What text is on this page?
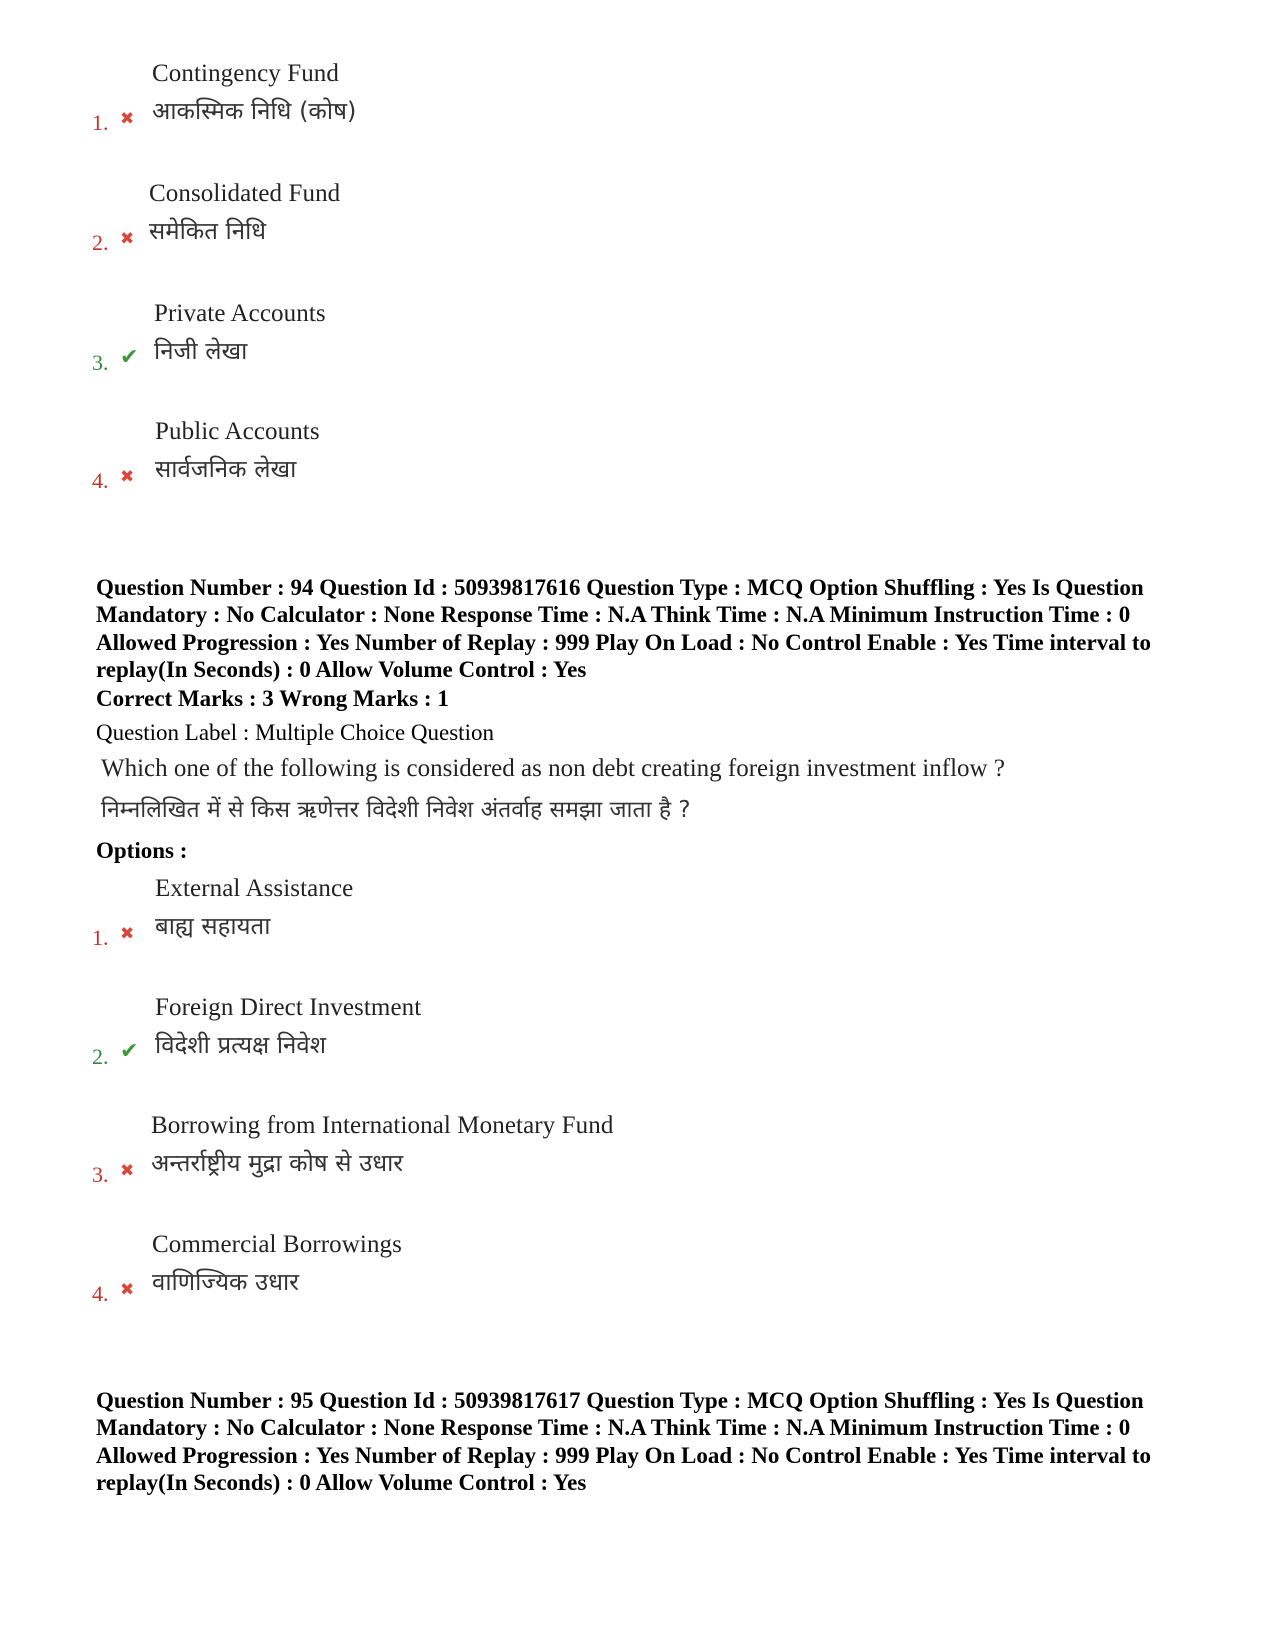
1. ✖
Contingency Fund
आकस्मिक निधि (कोष)
2. ✖
Consolidated Fund
समेकित निधि
3. ✔
Private Accounts
निजी लेखा
4. ✖
Public Accounts
सार्वजनिक लेखा

Question Number : 94 Question Id : 50939817616 Question Type : MCQ Option Shuffling : Yes Is Question Mandatory : No Calculator : None Response Time : N.A Think Time : N.A Minimum Instruction Time : 0 Allowed Progression : Yes Number of Replay : 999 Play On Load : No Control Enable : Yes Time interval to replay(In Seconds) : 0 Allow Volume Control : Yes

Correct Marks : 3 Wrong Marks : 1
Question Label : Multiple Choice Question
Which one of the following is considered as non debt creating foreign investment inflow ?
निम्नलिखित में से किस ऋणेत्तर विदेशी निवेश अंतर्वाह समझा जाता है ?
Options :
1. ✖
External Assistance
बाह्य सहायता
2. ✔
Foreign Direct Investment
विदेशी प्रत्यक्ष निवेश
3. ✖
Borrowing from International Monetary Fund
अन्तर्राष्ट्रीय मुद्रा कोष से उधार
4. ✖
Commercial Borrowings
वाणिज्यिक उधार

Question Number : 95 Question Id : 50939817617 Question Type : MCQ Option Shuffling : Yes Is Question Mandatory : No Calculator : None Response Time : N.A Think Time : N.A Minimum Instruction Time : 0 Allowed Progression : Yes Number of Replay : 999 Play On Load : No Control Enable : Yes Time interval to replay(In Seconds) : 0 Allow Volume Control : Yes
